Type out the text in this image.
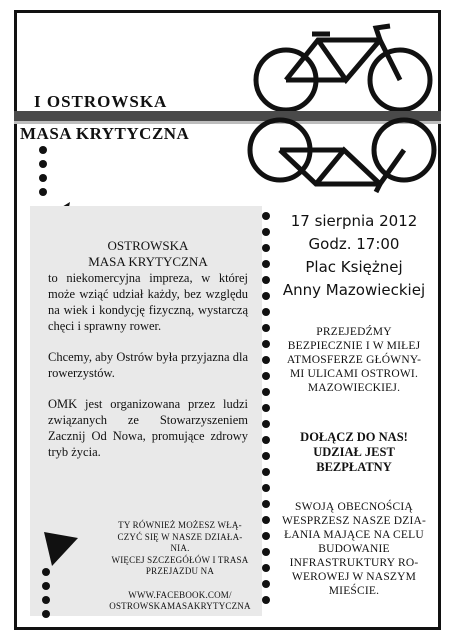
I OSTROWSKA
MASA KRYTYCZNA
OSTROWSKA
MASA KRYTYCZNA

to niekomercyjna impreza, w której może wziąć udział każdy, bez względu na wiek i kondycję fizyczną, wystarczą chęci i sprawny rower.

Chcemy, aby Ostrów była przyjazna dla rowerzystów.

OMK jest organizowana przez ludzi związanych ze Stowarzyszeniem Zacznij Od Nowa, promujące zdrowy tryb życia.

TY RÓWNIEŻ MOŻESZ WŁĄ-
CZYĆ SIĘ W NASZE DZIAŁA-
NIA.
WIĘCEJ SZCZEGÓŁÓW I TRASA
PRZEJAZDU NA
WWW.FACEBOOK.COM/
OSTROWSKAMASAKRYTYCZNA
17 sierpnia 2012
Godz. 17:00
Plac Księżnej
Anny Mazowieckiej
PRZEJEDŹMY
BEZPIECZNIE I W MIŁEJ
ATMOSFERZE GŁÓWNY-
MI ULICAMI OSTROWI.
MAZOWIECKIEJ.
DOŁĄCZ DO NAS!
UDZIAŁ JEST
BEZPŁATNY
SWOJĄ OBECNOŚCIĄ
WESPRZESZ NASZE DZIA-
ŁANIA MAJĄCE NA CELU
BUDOWANIE
INFRASTRUKTURY RO-
WEROWEJ W NASZYM
MIEŚCIE.
